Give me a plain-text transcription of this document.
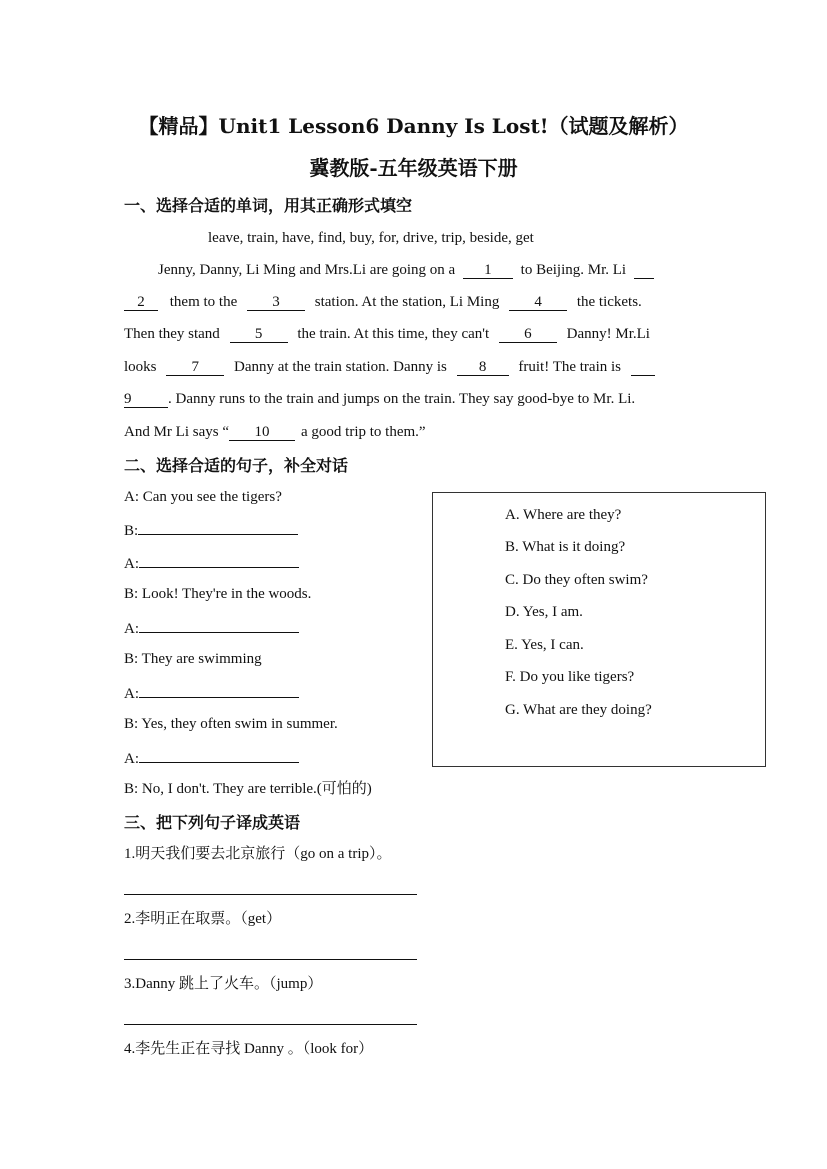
【精品】Unit1 Lesson6 Danny Is Lost!（试题及解析）
冀教版-五年级英语下册
一、选择合适的单词，用其正确形式填空
leave, train, have, find, buy, for, drive, trip, beside, get
Jenny, Danny, Li Ming and Mrs.Li are going on a 1 to Beijing. Mr. Li
2 them to the 3 station. At the station, Li Ming 4 the tickets.
Then they stand 5 the train. At this time, they can't 6 Danny! Mr.Li
looks 7 Danny at the train station. Danny is 8 fruit! The train is
9 . Danny runs to the train and jumps on the train. They say good-bye to Mr. Li.
And Mr Li says “ 10 a good trip to them.”
二、选择合适的句子，补全对话
A: Can you see the tigers?
B:
A:
B: Look! They're in the woods.
A:
B: They are swimming
A:
B: Yes, they often swim in summer.
A:
B: No, I don't. They are terrible.(可怕的)
A. Where are they?
B. What is it doing?
C. Do they often swim?
D. Yes, I am.
E. Yes, I can.
F. Do you like tigers?
G. What are they doing?
三、把下列句子译成英语
1.明天我们要去北京旅行（go on a trip）。
2.李明正在取票。（get）
3.Danny 跳上了火车。（jump）
4.李先生正在寻找 Danny 。（look for）
